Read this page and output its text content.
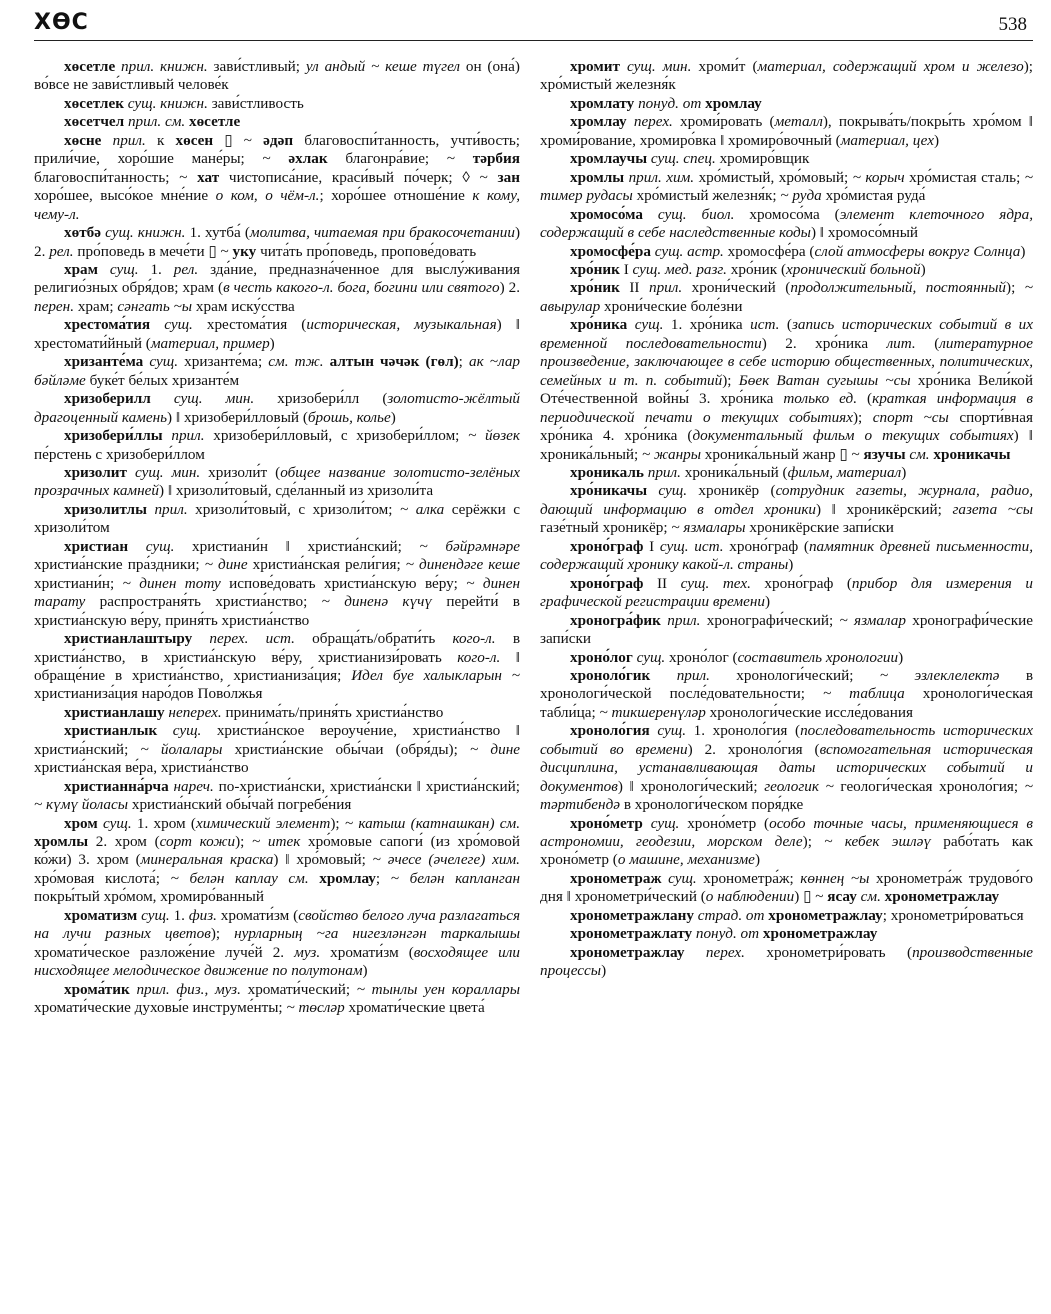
ХӨС	538

хөсетле прил. книжн. зави́стливый; ул андый ~ кеше түгел он (она́) во́все не зави́стливый челове́к

хөсетлек сущ. книжн. зави́стливость

хөсетчел прил. см. хөсетле

хөсне прил. к хөсен ▯ ~ әдәп благовоспи́танность, учти́вость; прили́чие, хоро́шие мане́ры; ~ әхлак благонра́вие; ~ тәрбия благовоспи́танность; ~ хат чистописа́ние, краси́вый по́черк; ◊ ~ зан хоро́шее, высо́кое мне́ние о ком, о чём-л.; хоро́шее отноше́ние к кому, чему-л.

хөтбә сущ. книжн. 1. хутба́ (молитва, читаемая при бракосочетании) 2. рел. про́поведь в мече́ти ▯ ~ уку чита́ть про́поведь, пропове́довать

храм сущ. 1. рел. зда́ние, предназна́ченное для выслу́живания религио́зных обря́дов; храм (в честь какого-л. бога, богини или святого) 2. перен. храм; сәнгать ~ы храм иску́сства

хрестома́тия сущ. хрестома́тия (историческая, музыкальная) ‖ хрестомати́йный (материал, пример)

хризанте́ма сущ. хризанте́ма; см. тж. алтын чәчәк (гөл); ак ~лар бәйләме буке́т бе́лых хризанте́м

хризоберилл сущ. мин. хризобери́лл (золотисто-жёлтый драгоценный камень) ‖ хризобери́лловый (брошь, колье)

хризобери́ллы прил. хризобери́лловый, с хризобери́ллом; ~ йөзек пе́рстень с хризобери́ллом

хризолит сущ. мин. хризоли́т (общее название золотисто-зелёных прозрачных камней) ‖ хризоли́товый, сде́ланный из хризоли́та

хризолитлы прил. хризоли́товый, с хризоли́том; ~ алка серёжки с хризоли́том

христиан сущ. христиани́н ‖ христиа́нский; ~ бәйрәмнәре христиа́нские пра́здники; ~ дине христиа́нская рели́гия; ~ динендәге кеше христиани́н; ~ динен тоту испове́довать христиа́нскую ве́ру; ~ динен тарату распространя́ть христиа́нство; ~ диненә күчү перейти́ в христиа́нскую ве́ру, приня́ть христиа́нство

христианлаштыру перех. ист. обраща́ть/обрати́ть кого-л. в христиа́нство, в христиа́нскую ве́ру, христианизи́ровать кого-л. ‖ обраще́ние в христиа́нство, христианиза́ция; Идел буе халыкларын ~ христианиза́ция наро́дов Пово́лжья

христианлашу неперех. принима́ть/приня́ть христиа́нство

христианлык сущ. христиа́нское вероуче́ние, христиа́нство ‖ христиа́нский; ~ йолалары христиа́нские обы́чаи (обря́ды); ~ дине христиа́нская ве́ра, христиа́нство

христианна́рча нареч. по-христиа́нски, христиа́нски ‖ христиа́нский; ~ күмү йоласы христиа́нский обы́чай погребе́ния

хром сущ. 1. хром (химический элемент); ~ катыш (катнашкан) см. хромлы 2. хром (сорт кожи); ~ итек хро́мовые сапоги́ (из хро́мовой ко́жи) 3. хром (минеральная краска) ‖ хро́мовый; ~ әчесе (әчелеге) хим. хро́мовая кислота́; ~ белән каплау см. хромлау; ~ белән капланган покры́тый хро́мом, хромиро́ванный

хроматизм сущ. 1. физ. хромати́зм (свойство белого луча разлагаться на лучи разных цветов); нурларның ~га нигезләнгән таркалышы хромати́ческое разложе́ние луче́й 2. муз. хромати́зм (восходящее или нисходящее мелодическое движение по полутонам)

хрома́тик прил. физ., муз. хромати́ческий; ~ тынлы уен кораллары хромати́ческие духовы́е инструме́нты; ~ төсләр хромати́ческие цвета́

хромит сущ. мин. хроми́т (материал, содержащий хром и железо); хро́мистый железня́к

хромлату понуд. от хромлау

хромлау перех. хроми́ровать (металл), покрыва́ть/покры́ть хро́мом ‖ хроми́рование, хромиро́вка ‖ хромиро́вочный (материал, цех)

хромлаучы сущ. спец. хромиро́вщик

хромлы прил. хим. хро́мистый, хро́мовый; ~ корыч хро́мистая сталь; ~ тимер рудасы хро́мистый железня́к; ~ руда хро́мистая руда́

хромосо́ма сущ. биол. хромосо́ма (элемент клеточного ядра, содержащий в себе наследственные коды) ‖ хромосо́мный

хромосфе́ра сущ. астр. хромосфе́ра (слой атмосферы вокруг Солнца)

хро́ник I сущ. мед. разг. хро́ник (хронический больной)

хро́ник II прил. хрони́ческий (продолжительный, постоянный); ~ авырулар хрони́ческие боле́зни

хро́ника сущ. 1. хро́ника ист. (запись исторических событий в их временной последовательности) 2. хро́ника лит. (литературное произведение, заключающее в себе историю общественных, политических, семейных и т. п. событий); Бөек Ватан сугышы ~сы хро́ника Вели́кой Оте́чественной войны́ 3. хро́ника только ед. (краткая информация в периодической печати о текущих событиях); спорт ~сы спорти́вная хро́ника 4. хро́ника (документальный фильм о текущих событиях) ‖ хроника́льный; ~ жанры хроника́льный жанр ▯ ~ язучы см. хроникачы

хроникаль прил. хроника́льный (фильм, материал)

хро́никачы сущ. хроникёр (сотрудник газеты, журнала, радио, дающий информацию в отдел хроники) ‖ хроникёрский; газета ~сы газе́тный хроникёр; ~ язмалары хроникёрские запи́ски

хроно́граф I сущ. ист. хроно́граф (памятник древней письменности, содержащий хронику какой-л. страны)

хроно́граф II сущ. тех. хроно́граф (прибор для измерения и графической регистрации времени)

хроногра́фик прил. хронографи́ческий; ~ язмалар хронографи́ческие запи́ски

хроно́лог сущ. хроно́лог (составитель хронологии)

хроноло́гик прил. хронологи́ческий; ~ эзлеклелектә в хронологи́ческой после́довательности; ~ таблица хронологи́ческая табли́ца; ~ тикшеренүләр хронологи́ческие иссле́дования

хроноло́гия сущ. 1. хроноло́гия (последовательность исторических событий во времени) 2. хроноло́гия (вспомогательная историческая дисциплина, устанавливающая даты исторических событий и документов) ‖ хронологи́ческий; геологик ~ геологи́ческая хроноло́гия; ~ тәртибендә в хронологи́ческом поря́дке

хроно́метр сущ. хроно́метр (особо точные часы, применяющиеся в астрономии, геодезии, морском деле); ~ кебек эшләү рабо́тать как хроно́метр (о машине, механизме)

хронометраж сущ. хронометра́ж; көннең ~ы хронометра́ж трудово́го дня ‖ хронометри́ческий (о наблюдении) ▯ ~ ясау см. хронометражлау

хронометражлану страд. от хронометражлау; хронометри́роваться

хронометражлату понуд. от хронометражлау

хронометражлау перех. хронометри́ровать (производственные процессы)
